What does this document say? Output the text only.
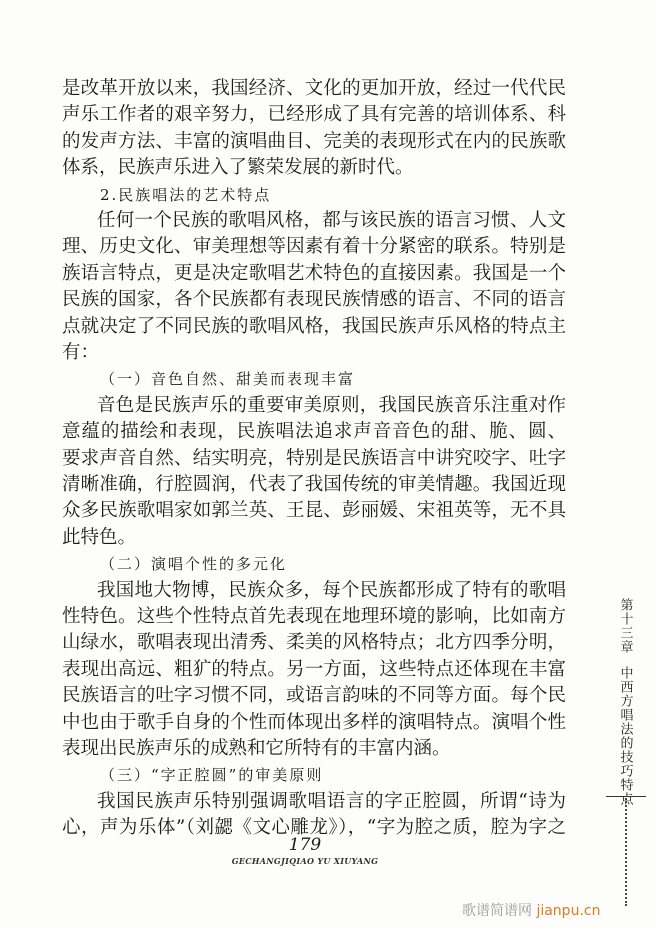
是改革开放以来，我国经济、文化的更加开放，经过一代代民
声乐工作者的艰辛努力，已经形成了具有完善的培训体系、科
的发声方法、丰富的演唱曲目、完美的表现形式在内的民族歌
体系，民族声乐进入了繁荣发展的新时代。
2.民族唱法的艺术特点
任何一个民族的歌唱风格，都与该民族的语言习惯、人文
理、历史文化、审美理想等因素有着十分紧密的联系。特别是
族语言特点，更是决定歌唱艺术特色的直接因素。我国是一个
民族的国家，各个民族都有表现民族情感的语言、不同的语言
点就决定了不同民族的歌唱风格，我国民族声乐风格的特点主
有：
（一）音色自然、甜美而表现丰富
音色是民族声乐的重要审美原则，我国民族音乐注重对作
意蕴的描绘和表现，民族唱法追求声音音色的甜、脆、圆、
要求声音自然、结实明亮，特别是民族语言中讲究咬字、吐字
清晰准确，行腔圆润，代表了我国传统的审美情趣。我国近现
众多民族歌唱家如郭兰英、王昆、彭丽媛、宋祖英等，无不具
此特色。
（二）演唱个性的多元化
我国地大物博，民族众多，每个民族都形成了特有的歌唱
性特色。这些个性特点首先表现在地理环境的影响，比如南方
山绿水，歌唱表现出清秀、柔美的风格特点；北方四季分明，
表现出高远、粗犷的特点。另一方面，这些特点还体现在丰富
民族语言的吐字习惯不同，或语言韵味的不同等方面。每个民
中也由于歌手自身的个性而体现出多样的演唱特点。演唱个性
表现出民族声乐的成熟和它所特有的丰富内涵。
（三）“字正腔圆”的审美原则
我国民族声乐特别强调歌唱语言的字正腔圆，所谓“诗为
心，声为乐体”（刘勰《文心雕龙》），“字为腔之质，腔为字之
第十三章
中西方唱法的技巧特点
179
GECHANGJIQIAO YU XIUYANG
歌谱简谱网 jianpu.cn
